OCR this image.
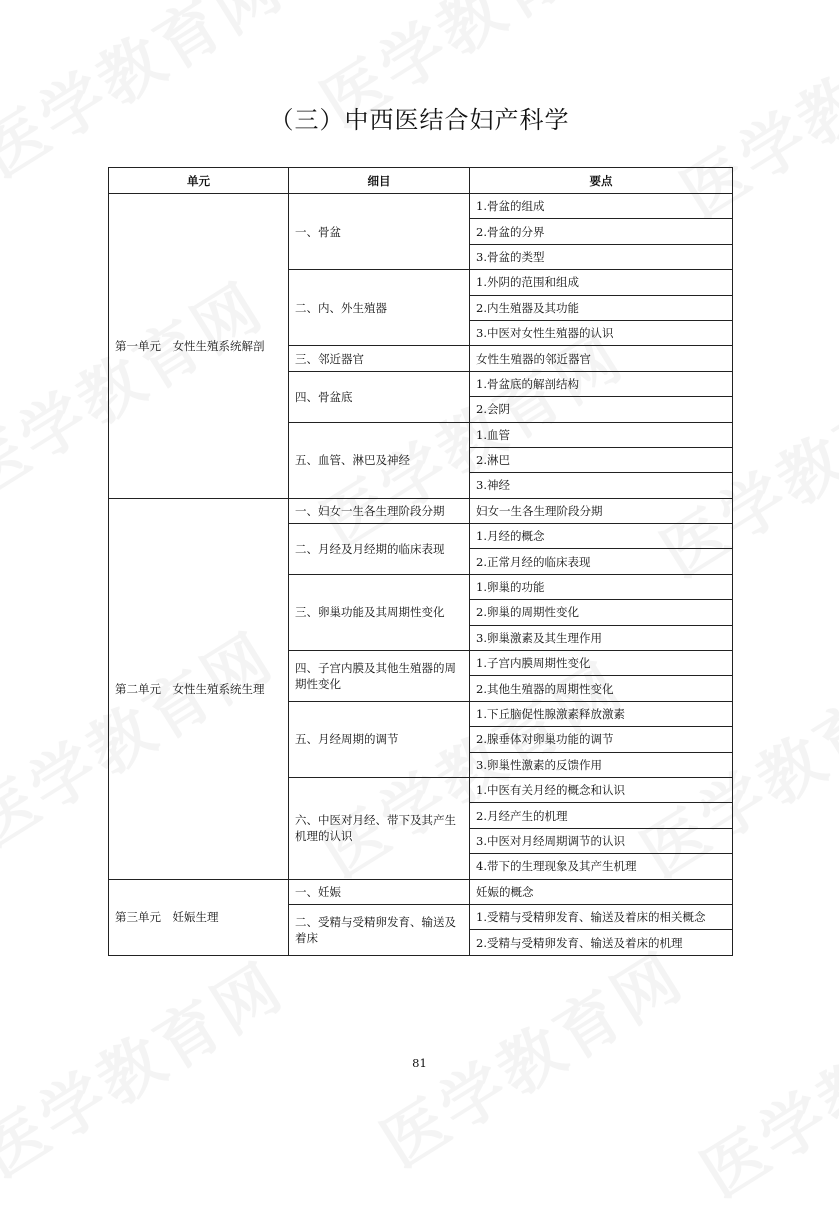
（三）中西医结合妇产科学
单元	细目	要点
第一单元　女性生殖系统解剖	一、骨盆	1.骨盆的组成
		2.骨盆的分界
		3.骨盆的类型
	二、内、外生殖器	1.外阴的范围和组成
		2.内生殖器及其功能
		3.中医对女性生殖器的认识
	三、邻近器官	女性生殖器的邻近器官
	四、骨盆底	1.骨盆底的解剖结构
		2.会阴
	五、血管、淋巴及神经	1.血管
		2.淋巴
		3.神经
第二单元　女性生殖系统生理	一、妇女一生各生理阶段分期	妇女一生各生理阶段分期
	二、月经及月经期的临床表现	1.月经的概念
		2.正常月经的临床表现
	三、卵巢功能及其周期性变化	1.卵巢的功能
		2.卵巢的周期性变化
		3.卵巢激素及其生理作用
	四、子宫内膜及其他生殖器的周期性变化	1.子宫内膜周期性变化
		2.其他生殖器的周期性变化
	五、月经周期的调节	1.下丘脑促性腺激素释放激素
		2.腺垂体对卵巢功能的调节
		3.卵巢性激素的反馈作用
	六、中医对月经、带下及其产生机理的认识	1.中医有关月经的概念和认识
		2.月经产生的机理
		3.中医对月经周期调节的认识
		4.带下的生理现象及其产生机理
第三单元　妊娠生理	一、妊娠	妊娠的概念
	二、受精与受精卵发育、输送及着床	1.受精与受精卵发育、输送及着床的相关概念
		2.受精与受精卵发育、输送及着床的机理
81
